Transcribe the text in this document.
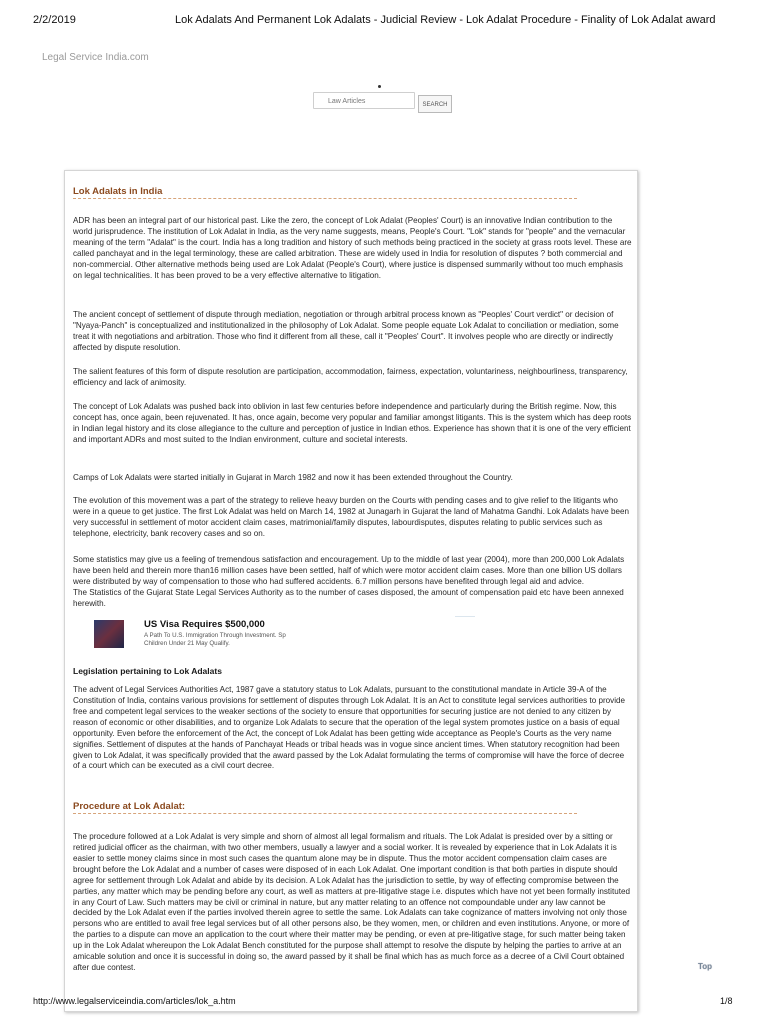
2/2/2019	Lok Adalats And Permanent Lok Adalats - Judicial Review - Lok Adalat Procedure - Finality of Lok Adalat award
Legal Service India.com
Law Articles	SEARCH
Lok Adalats in India

ADR has been an integral part of our historical past. Like the zero, the concept of Lok Adalat (Peoples' Court) is an innovative Indian contribution to the world jurisprudence. The institution of Lok Adalat in India, as the very name suggests, means, People's Court. "Lok" stands for "people" and the vernacular meaning of the term "Adalat" is the court. India has a long tradition and history of such methods being practiced in the society at grass roots level. These are called panchayat and in the legal terminology, these are called arbitration. These are widely used in India for resolution of disputes ? both commercial and non-commercial. Other alternative methods being used are Lok Adalat (People's Court), where justice is dispensed summarily without too much emphasis on legal technicalities. It has been proved to be a very effective alternative to litigation.

The ancient concept of settlement of dispute through mediation, negotiation or through arbitral process known as "Peoples' Court verdict" or decision of "Nyaya-Panch" is conceptualized and institutionalized in the philosophy of Lok Adalat. Some people equate Lok Adalat to conciliation or mediation, some treat it with negotiations and arbitration. Those who find it different from all these, call it "Peoples' Court". It involves people who are directly or indirectly affected by dispute resolution.

The salient features of this form of dispute resolution are participation, accommodation, fairness, expectation, voluntariness, neighbourliness, transparency, efficiency and lack of animosity.

The concept of Lok Adalats was pushed back into oblivion in last few centuries before independence and particularly during the British regime. Now, this concept has, once again, been rejuvenated. It has, once again, become very popular and familiar amongst litigants. This is the system which has deep roots in Indian legal history and its close allegiance to the culture and perception of justice in Indian ethos. Experience has shown that it is one of the very efficient and important ADRs and most suited to the Indian environment, culture and societal interests.

Camps of Lok Adalats were started initially in Gujarat in March 1982 and now it has been extended throughout the Country.

The evolution of this movement was a part of the strategy to relieve heavy burden on the Courts with pending cases and to give relief to the litigants who were in a queue to get justice. The first Lok Adalat was held on March 14, 1982 at Junagarh in Gujarat the land of Mahatma Gandhi. Lok Adalats have been very successful in settlement of motor accident claim cases, matrimonial/family disputes, labourdisputes, disputes relating to public services such as telephone, electricity, bank recovery cases and so on.

Some statistics may give us a feeling of tremendous satisfaction and encouragement. Up to the middle of last year (2004), more than 200,000 Lok Adalats have been held and therein more than16 million cases have been settled, half of which were motor accident claim cases. More than one billion US dollars were distributed by way of compensation to those who had suffered accidents. 6.7 million persons have benefited through legal aid and advice.
The Statistics of the Gujarat State Legal Services Authority as to the number of cases disposed, the amount of compensation paid etc have been annexed herewith.

US Visa Requires $500,000
A Path To U.S. Immigration Through Investment. Sp
Children Under 21 May Qualify.
Legislation pertaining to Lok Adalats

The advent of Legal Services Authorities Act, 1987 gave a statutory status to Lok Adalats, pursuant to the constitutional mandate in Article 39-A of the Constitution of India, contains various provisions for settlement of disputes through Lok Adalat. It is an Act to constitute legal services authorities to provide free and competent legal services to the weaker sections of the society to ensure that opportunities for securing justice are not denied to any citizen by reason of economic or other disabilities, and to organize Lok Adalats to secure that the operation of the legal system promotes justice on a basis of equal opportunity. Even before the enforcement of the Act, the concept of Lok Adalat has been getting wide acceptance as People's Courts as the very name signifies. Settlement of disputes at the hands of Panchayat Heads or tribal heads was in vogue since ancient times. When statutory recognition had been given to Lok Adalat, it was specifically provided that the award passed by the Lok Adalat formulating the terms of compromise will have the force of decree of a court which can be executed as a civil court decree.

Procedure at Lok Adalat:

The procedure followed at a Lok Adalat is very simple and shorn of almost all legal formalism and rituals. The Lok Adalat is presided over by a sitting or retired judicial officer as the chairman, with two other members, usually a lawyer and a social worker. It is revealed by experience that in Lok Adalats it is easier to settle money claims since in most such cases the quantum alone may be in dispute. Thus the motor accident compensation claim cases are brought before the Lok Adalat and a number of cases were disposed of in each Lok Adalat. One important condition is that both parties in dispute should agree for settlement through Lok Adalat and abide by its decision. A Lok Adalat has the jurisdiction to settle, by way of effecting compromise between the parties, any matter which may be pending before any court, as well as matters at pre-litigative stage i.e. disputes which have not yet been formally instituted in any Court of Law. Such matters may be civil or criminal in nature, but any matter relating to an offence not compoundable under any law cannot be decided by the Lok Adalat even if the parties involved therein agree to settle the same. Lok Adalats can take cognizance of matters involving not only those persons who are entitled to avail free legal services but of all other persons also, be they women, men, or children and even institutions. Anyone, or more of the parties to a dispute can move an application to the court where their matter may be pending, or even at pre-litigative stage, for such matter being taken up in the Lok Adalat whereupon the Lok Adalat Bench constituted for the purpose shall attempt to resolve the dispute by helping the parties to arrive at an amicable solution and once it is successful in doing so, the award passed by it shall be final which has as much force as a decree of a Civil Court obtained after due contest.	Top
http://www.legalserviceindia.com/articles/lok_a.htm	1/8
